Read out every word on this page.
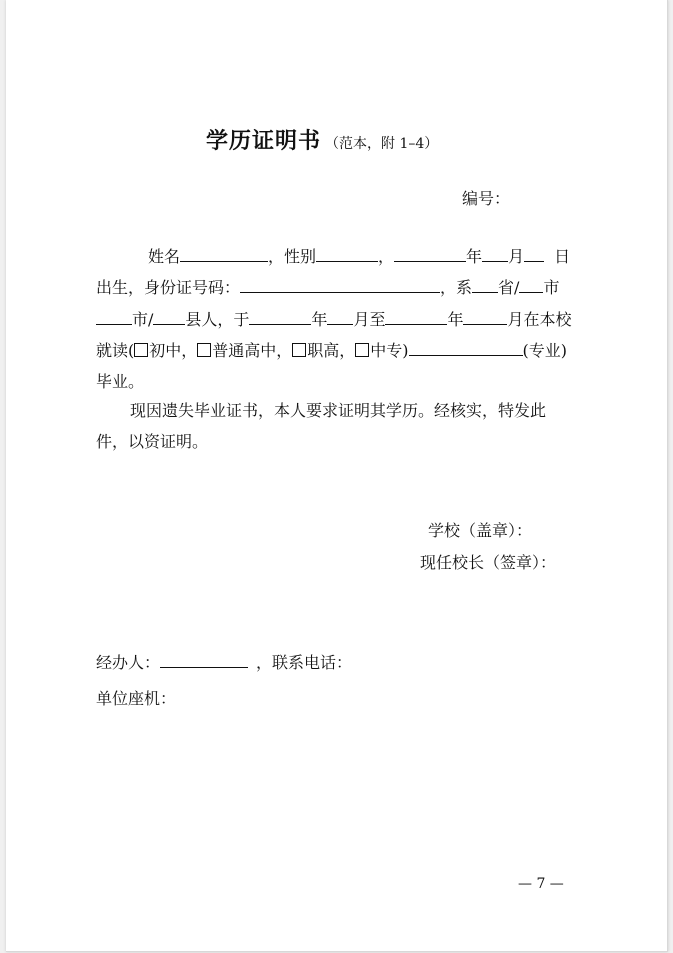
学历证明书 （范本，附 1–4）
编号：
姓名	，性别	，	年 月 日
出生，身份证号码：	，系 省/ 市
市/ 县人，于	年 月至	年	月在本校
就读( 初中， 普通高中， 职高， 中专)	(专业)
毕业。
现因遗失毕业证书，本人要求证明其学历。经核实，特发此
件，以资证明。
学校（盖章）：
现任校长（签章）：
经办人：	，联系电话：
单位座机：
— 7 —
